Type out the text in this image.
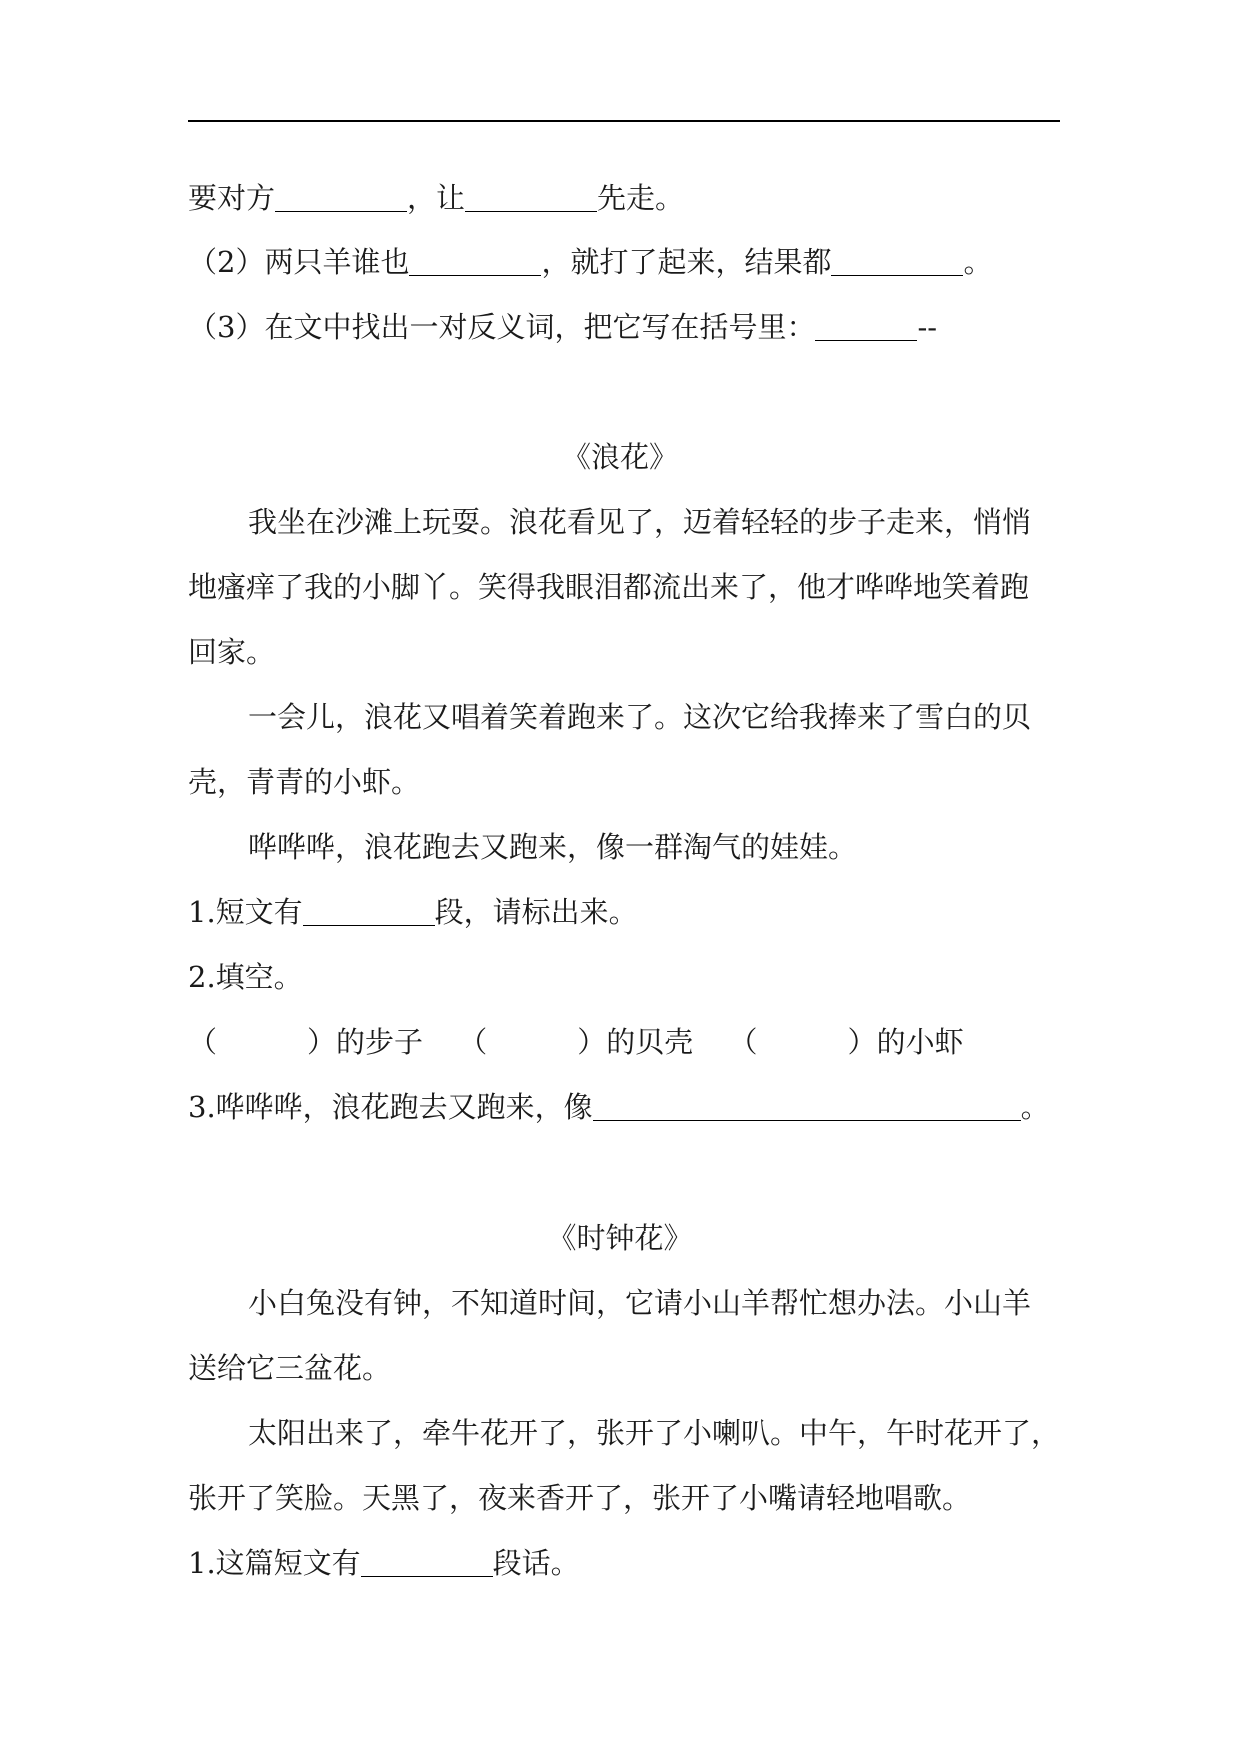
要对方	，让	先走。
（2）两只羊谁也	，就打了起来，结果都	。
（3）在文中找出一对反义词，把它写在括号里：	--
《浪花》
我坐在沙滩上玩耍。浪花看见了，迈着轻轻的步子走来，悄悄
地瘙痒了我的小脚丫。笑得我眼泪都流出来了，他才哗哗地笑着跑
回家。
一会儿，浪花又唱着笑着跑来了。这次它给我捧来了雪白的贝
壳，青青的小虾。
哗哗哗，浪花跑去又跑来，像一群淘气的娃娃。
1.短文有	段，请标出来。
2.填空。
（	）的步子 （	）的贝壳 （	）的小虾
3.哗哗哗，浪花跑去又跑来，像	。
《时钟花》
小白兔没有钟，不知道时间，它请小山羊帮忙想办法。小山羊
送给它三盆花。
太阳出来了，牵牛花开了，张开了小喇叭。中午，午时花开了，
张开了笑脸。天黑了，夜来香开了，张开了小嘴请轻地唱歌。
1.这篇短文有	段话。
